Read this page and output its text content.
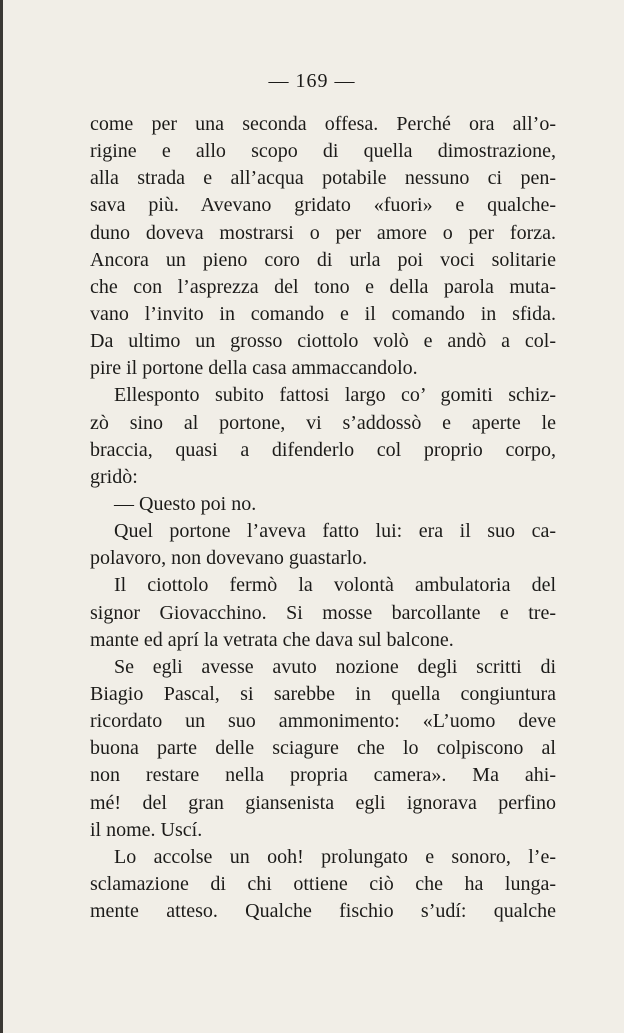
— 169 —
come per una seconda offesa. Perché ora all’o-
rigine e allo scopo di quella dimostrazione,
alla strada e all’acqua potabile nessuno ci pen-
sava più. Avevano gridato «fuori» e qualche-
duno doveva mostrarsi o per amore o per forza.
Ancora un pieno coro di urla poi voci solitarie
che con l’asprezza del tono e della parola muta-
vano l’invito in comando e il comando in sfida.
Da ultimo un grosso ciottolo volò e andò a col-
pire il portone della casa ammaccandolo.
Ellesponto subito fattosi largo co’ gomiti schiz-
zò sino al portone, vi s’addossò e aperte le
braccia, quasi a difenderlo col proprio corpo,
gridò:
— Questo poi no.
Quel portone l’aveva fatto lui: era il suo ca-
polavoro, non dovevano guastarlo.
Il ciottolo fermò la volontà ambulatoria del
signor Giovacchino. Si mosse barcollante e tre-
mante ed aprí la vetrata che dava sul balcone.
Se egli avesse avuto nozione degli scritti di
Biagio Pascal, si sarebbe in quella congiuntura
ricordato un suo ammonimento: «L’uomo deve
buona parte delle sciagure che lo colpiscono al
non restare nella propria camera». Ma ahi-
mé! del gran giansenista egli ignorava perfino
il nome. Uscí.
Lo accolse un ooh! prolungato e sonoro, l’e-
sclamazione di chi ottiene ciò che ha lunga-
mente atteso. Qualche fischio s’udí: qualche
